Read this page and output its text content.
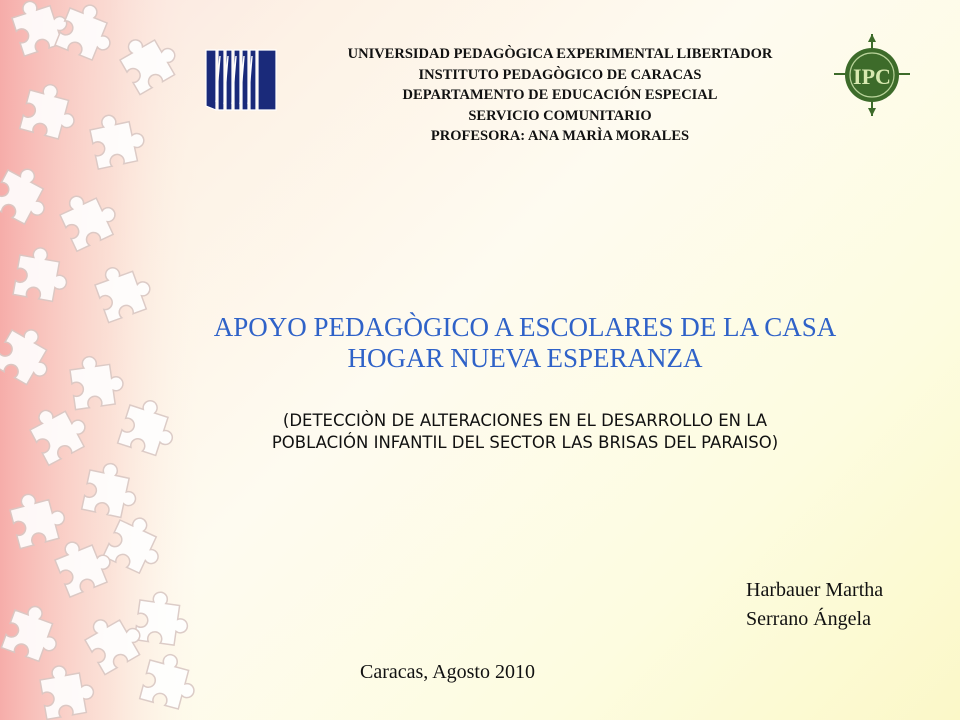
IPC
UNIVERSIDAD PEDAGÒGICA EXPERIMENTAL LIBERTADOR
INSTITUTO PEDAGÒGICO DE CARACAS
DEPARTAMENTO DE EDUCACIÓN ESPECIAL
SERVICIO COMUNITARIO
PROFESORA: ANA MARÌA MORALES
APOYO PEDAGÒGICO A ESCOLARES DE LA CASA
HOGAR NUEVA ESPERANZA
(DETECCIÒN DE ALTERACIONES EN EL DESARROLLO EN LA
POBLACIÓN INFANTIL DEL SECTOR LAS BRISAS DEL PARAISO)
Harbauer Martha
Serrano Ángela
Caracas, Agosto 2010
